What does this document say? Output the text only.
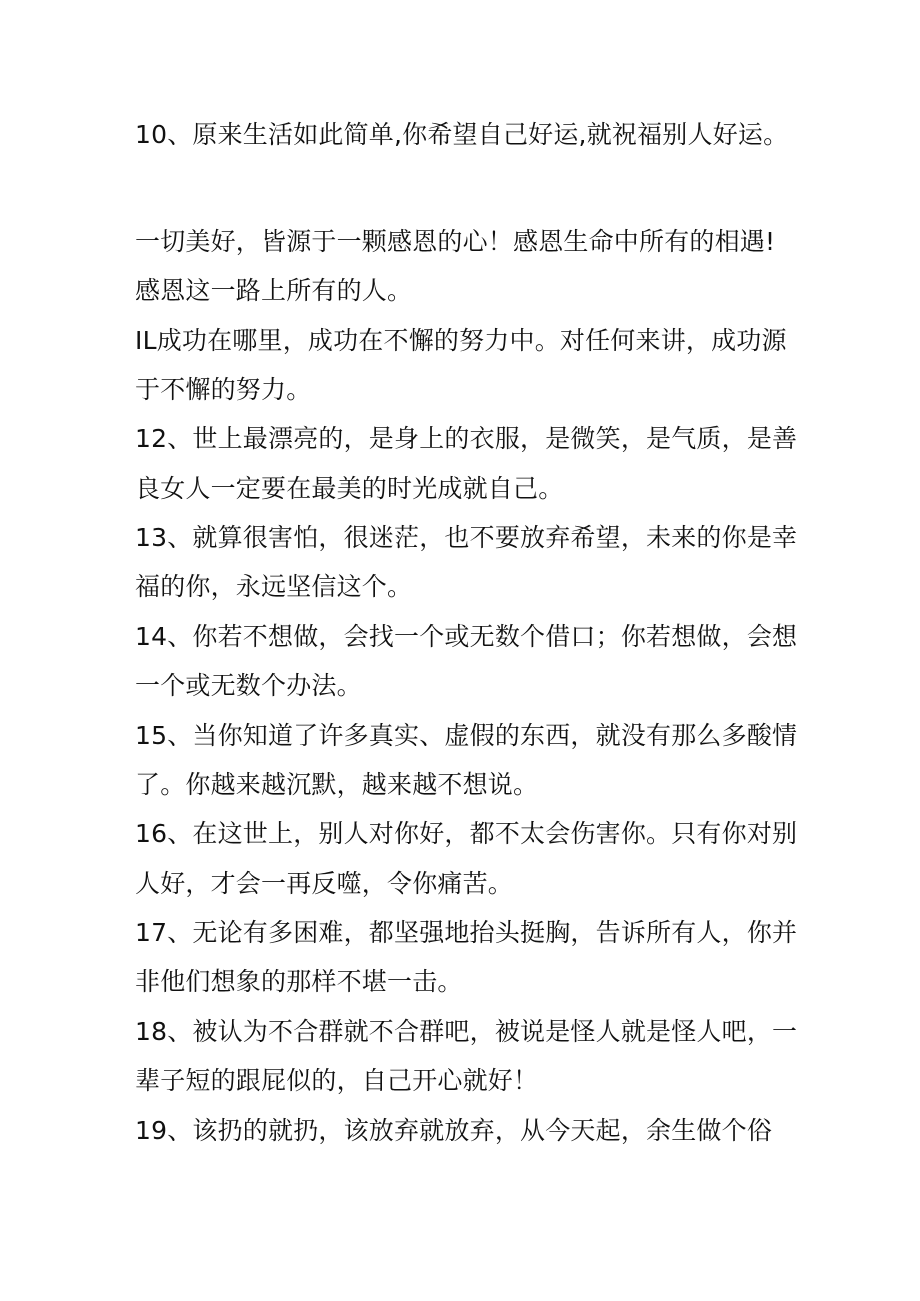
10、原来生活如此简单,你希望自己好运,就祝福别人好运。
一切美好，皆源于一颗感恩的心！感恩生命中所有的相遇!
感恩这一路上所有的人。
IL成功在哪里，成功在不懈的努力中。对任何来讲，成功源
于不懈的努力。
12、世上最漂亮的，是身上的衣服，是微笑，是气质，是善
良女人一定要在最美的时光成就自己。
13、就算很害怕，很迷茫，也不要放弃希望，未来的你是幸
福的你，永远坚信这个。
14、你若不想做，会找一个或无数个借口；你若想做，会想
一个或无数个办法。
15、当你知道了许多真实、虚假的东西，就没有那么多酸情
了。你越来越沉默，越来越不想说。
16、在这世上，别人对你好，都不太会伤害你。只有你对别
人好，才会一再反噬，令你痛苦。
17、无论有多困难，都坚强地抬头挺胸，告诉所有人，你并
非他们想象的那样不堪一击。
18、被认为不合群就不合群吧，被说是怪人就是怪人吧，一
辈子短的跟屁似的，自己开心就好！
19、该扔的就扔，该放弃就放弃，从今天起，余生做个俗
